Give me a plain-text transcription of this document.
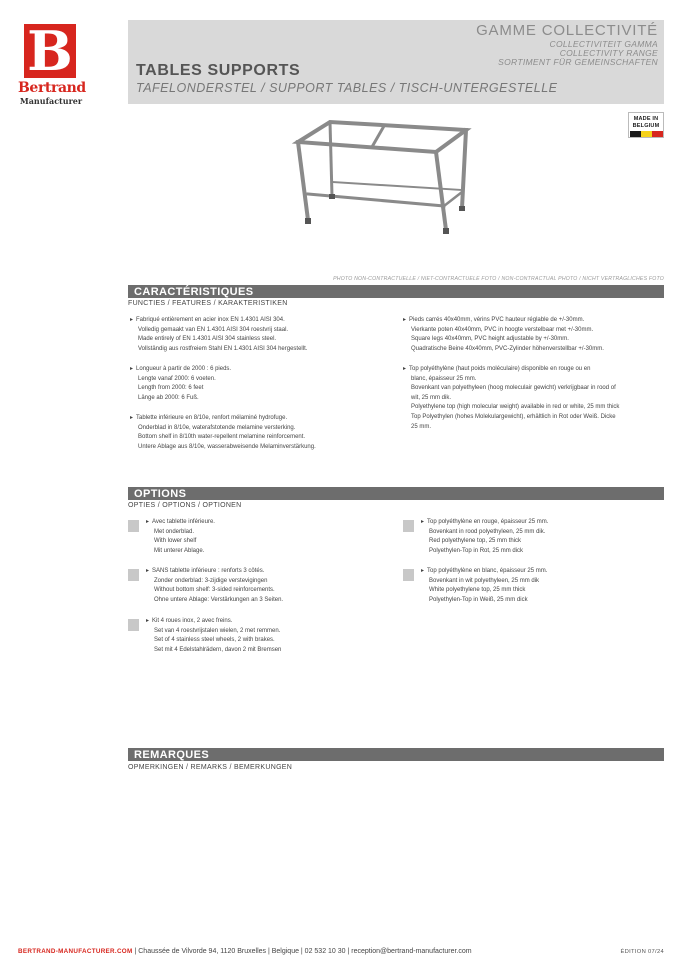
B
Bertrand
Manufacturer
GAMME COLLECTIVITÉ
COLLECTIVITEIT GAMMA
COLLECTIVITY RANGE
SORTIMENT FÜR GEMEINSCHAFTEN
TABLES SUPPORTS
TAFELONDERSTEL / SUPPORT TABLES / TISCH-UNTERGESTELLE
MADE IN
BELGIUM
PHOTO NON-CONTRACTUELLE / NIET-CONTRACTUELE FOTO / NON-CONTRACTUAL PHOTO / NICHT VERTRAGLICHES FOTO
CARACTÉRISTIQUES
FUNCTIES / FEATURES / KARAKTERISTIKEN

▸ Fabriqué entièrement en acier inox EN 1.4301 AISI 304.

Volledig gemaakt van EN 1.4301 AISI 304 roestvrij staal.

Made entirely of EN 1.4301 AISI 304 stainless steel.

Vollständig aus rostfreiem Stahl EN 1.4301 AISI 304 hergestellt.

▸ Longueur à partir de 2000 : 6 pieds.

Lengte vanaf 2000: 6 voeten.

Length from 2000: 6 feet

Länge ab 2000: 6 Fuß.

▸ Tablette inférieure en 8/10e, renfort mélaminé hydrofuge.

Onderblad in 8/10e, waterafstotende melamine versterking.

Bottom shelf in 8/10th water-repellent melamine reinforcement.

Untere Ablage aus 8/10e, wasserabweisende Melaminverstärkung.

▸ Pieds carrés 40x40mm, vérins PVC hauteur réglable de +/-30mm.

Vierkante poten 40x40mm, PVC in hoogte verstelbaar met +/-30mm.

Square legs 40x40mm, PVC height adjustable by +/-30mm.

Quadratische Beine 40x40mm, PVC-Zylinder höhenverstellbar +/-30mm.

▸ Top polyéthylène (haut poids moléculaire) disponible en rouge ou en

blanc, épaisseur 25 mm.

Bovenkant van polyethyleen (hoog moleculair gewicht) verkrijgbaar in rood of

wit, 25 mm dik.

Polyethylene top (high molecular weight) available in red or white, 25 mm thick

Top Polyethylen (hohes Molekulargewicht), erhältlich in Rot oder Weiß. Dicke

25 mm.

OPTIONS
OPTIES / OPTIONS / OPTIONEN

▸ Avec tablette inférieure.

Met onderblad.

With lower shelf

Mit unterer Ablage.

▸ SANS tablette inférieure : renforts 3 côtés.

Zonder onderblad: 3-zijdige verstevigingen

Without bottom shelf: 3-sided reinforcements.

Ohne untere Ablage: Verstärkungen an 3 Seiten.

▸ Kit 4 roues inox, 2 avec freins.

Set van 4 roestvrijstalen wielen, 2 met remmen.

Set of 4 stainless steel wheels, 2 with brakes.

Set mit 4 Edelstahlrädern, davon 2 mit Bremsen

▸ Top polyéthylène en rouge, épaisseur 25 mm.

Bovenkant in rood polyethyleen, 25 mm dik.

Red polyethylene top, 25 mm thick

Polyethylen-Top in Rot, 25 mm dick

▸ Top polyéthylène en blanc, épaisseur 25 mm.

Bovenkant in wit polyethyleen, 25 mm dik

White polyethylene top, 25 mm thick

Polyethylen-Top in Weiß, 25 mm dick

REMARQUES
OPMERKINGEN / REMARKS / BEMERKUNGEN
BERTRAND-MANUFACTURER.COM | Chaussée de Vilvorde 94, 1120 Bruxelles | Belgique | 02 532 10 30 | reception@bertrand-manufacturer.com	ÉDITION 07/24
